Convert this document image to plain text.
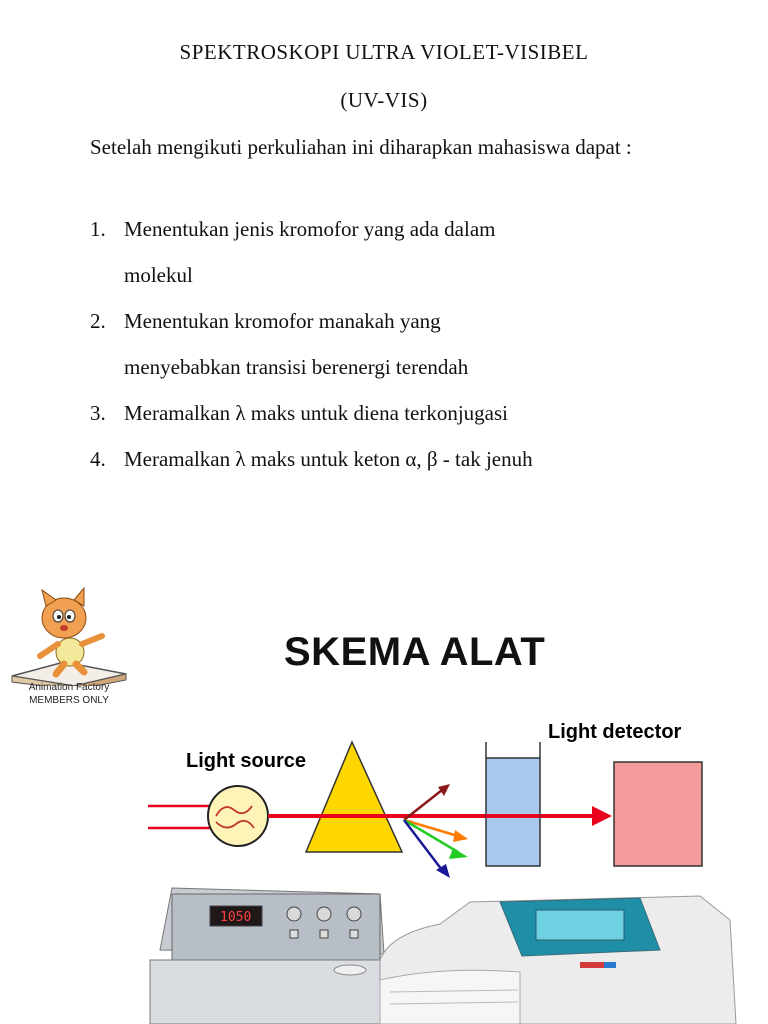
SPEKTROSKOPI ULTRA VIOLET-VISIBEL
(UV-VIS)
Setelah mengikuti perkuliahan ini diharapkan mahasiswa dapat :
1. Menentukan jenis kromofor yang ada dalam
molekul
2. Menentukan kromofor manakah yang
menyebabkan transisi berenergi terendah
3. Meramalkan λ maks untuk diena terkonjugasi
4. Meramalkan λ maks untuk keton α, β - tak jenuh
Animation Factory
MEMBERS ONLY
SKEMA ALAT
Light source
Light detector
1050
